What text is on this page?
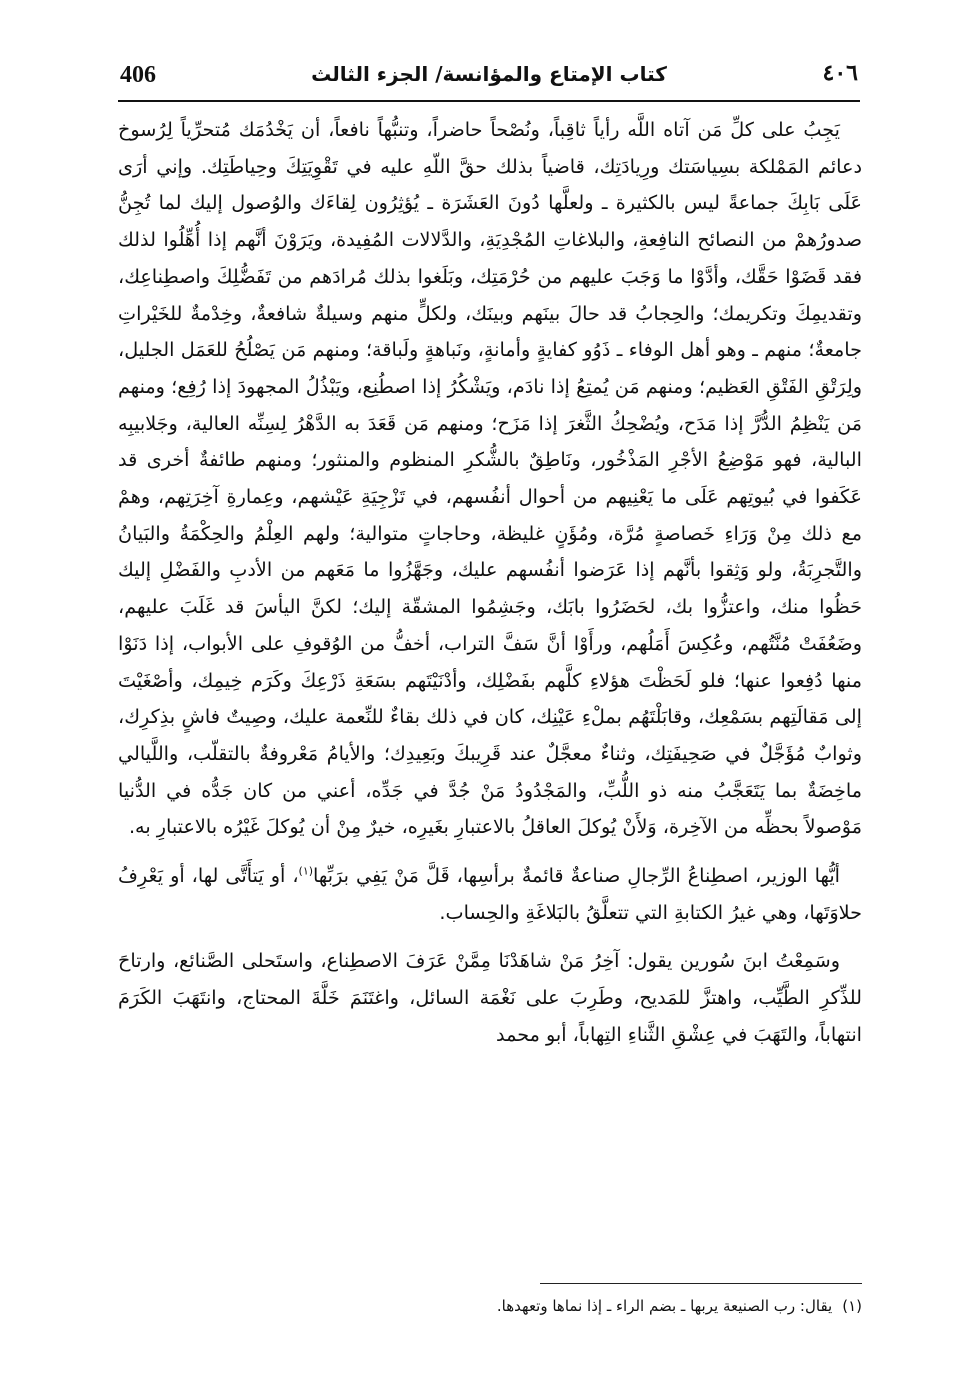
406	كتاب الإمتاع والمؤانسة/ الجزء الثالث	٤٠٦

يَجِبُ على كلِّ مَن آتاه اللَّه رأياً ثاقِباً، ونُصْحاً حاضراً، وتنبُّهاً نافعاً، أن يَخْدُمَك مُتحرِّياً لِرُسوخ دعائم المَمْلكة بسِياسَتك ورِيادَتِك، قاضياً بذلك حقَّ اللّهِ عليه في تَقْوِيَتِكَ وحِياطَتِك. وإني أرَى عَلَى بَابِكَ جماعةً ليس بالكثيرة ـ ولعلَّها دُونَ العَشَرَة ـ يُؤثِرُون لِقاءَك والوُصول إليك لما تُجِنُّ صدورُهمْ من النصائح النافِعةِ، والبلاغاتِ المُجْدِيَةِ، والدَّلالات المُفِيدة، ويَرَوْنَ أنَّهم إذا أُهِّلُوا لذلك فقد قَضَوْا حَقَّك، وأدَّوْا ما وَجَبَ عليهم من حُرْمَتِك، وبَلَغوا بذلك مُرادَهم من تَفَضُّلِكَ واصطِناعِك، وتقديمِكَ وتكريمك؛ والحِجابُ قد حالَ بينَهم وبينَك، ولكلٍّ منهم وسيلةٌ شافعةٌ، وخِدْمةٌ للخَيْراتِ جامعةٌ؛ منهم ـ وهو أهل الوفاء ـ ذَوُو كفايةٍ وأمانةٍ، ونَباهةٍ ولَباقة؛ ومنهم مَن يَصْلُحُ للعَمَل الجليل، ولِرَتْقِ الفَتْقِ العَظيم؛ ومنهم مَن يُمتِعُ إذا نادَم، ويَشْكُرُ إذا اصطُنِع، ويَبْذُلُ المجهودَ إذا رُفِع؛ ومنهم مَن يَنْظِمُ الدُّرَّ إذا مَدَح، ويُضْحِكُ الثَّغرَ إذا مَزَح؛ ومنهم مَن قَعَدَ به الدَّهْرُ لِسِنِّه العالية، وجَلابيبِه البالية، فهو مَوْضِعُ الأجْرِ المَذْخُور، ونَاطِقٌ بالشُّكرِ المنظوم والمنثور؛ ومنهم طائفةٌ أخرى قد عَكَفوا في بُيوتِهم عَلَى ما يَعْنِيهم من أحوال أنفُسهم، في تَزْجِيَةِ عَيْشهم، وعِمارةِ آخِرَتِهم، وهمْ مع ذلك مِنْ وَرَاءِ خَصاصةٍ مُرَّة، ومُؤَنٍ غليظة، وحاجاتٍ متوالية؛ ولهم العِلْمُ والحِكْمَةُ والبَيانُ والتَّجرِبَةُ، ولو وَثِقوا بأنَّهم إذا عَرَضوا أنفُسهم عليك، وجَهَّزُوا ما مَعَهم من الأدبِ والفَضْلِ إليك حَظُوا منك، واعتزُّوا بك، لحَضَرُوا بابَك، وجَشِمُوا المشقّة إليك؛ لكنَّ اليأسَ قد غَلَبَ عليهم، وضَعُفَتْ مُنَّتُهم، وعُكِسَ أَمَلُهم، ورأَوْا أنَّ سَفَّ التراب، أخفُّ من الوُقوفِ على الأبواب، إذا دَنَوْا منها دُفِعوا عنها؛ فلو لَحَظْتَ هؤلاءِ كلَّهم بفَضْلِك، وأدْنَيْتَهم بسَعَةِ ذَرْعِكَ وكَرَم خِيمِك، وأصْغَيْتَ إلى مَقالَتِهم بسَمْعِك، وقابَلْتَهُم بملْءِ عَيْنِك، كان في ذلك بقاءٌ للنِّعمة عليك، وصِيتٌ فاشٍ بذِكرِك، وثوابٌ مُؤَجَّلٌ في صَحِيفَتِك، وثناءٌ معجَّلٌ عند قَرِيبكَ وبَعِيدِك؛ والأيامُ مَعْروفةٌ بالتقلّب، واللَّيالي ماخِضَةٌ بما يَتَعَجَّبُ منه ذو اللُّبِّ، والمَجْدُودُ مَنْ جُدَّ في جَدِّه، أعني من كان جَدُّه في الدُّنيا مَوْصولاً بحظِّه من الآخِرة، وَلأَنْ يُوكلَ العاقلُ بالاعتبارِ بغَيرِه، خيرٌ مِنْ أن يُوكلَ غَيْرُه بالاعتبارِ به.

أيُّها الوزير، اصطِناعُ الرِّجالِ صناعةٌ قائمةٌ برأسِها، قَلَّ مَنْ يَفِي برَبِّها$^{(١)}$، أو يَتأَتَّى لها، أو يَعْرِفُ حلاوَتَها، وهي غيرُ الكتابةِ التي تتعلَّقُ بالبَلاغَةِ والحِساب.

وسَمِعْتُ ابنَ سُورين يقول: آخِرُ مَنْ شاهَدْنَا مِمَّنْ عَرَفَ الاصطِناع، واستَحلى الصَّنائع، وارتاحَ للذِّكرِ الطَّيِّب، واهتزَّ للمَديح، وطَرِبَ على نَغْمَة السائل، واغتَنَمَ خَلَّةَ المحتاج، وانتَهَبَ الكَرَمَ انتهاباً، والتَهَبَ في عِشْقِ الثَّناءِ التِهاباً، أبو محمد

(١)يقال: رب الصنيعة يربها ـ بضم الراء ـ إذا نماها وتعهدها.
